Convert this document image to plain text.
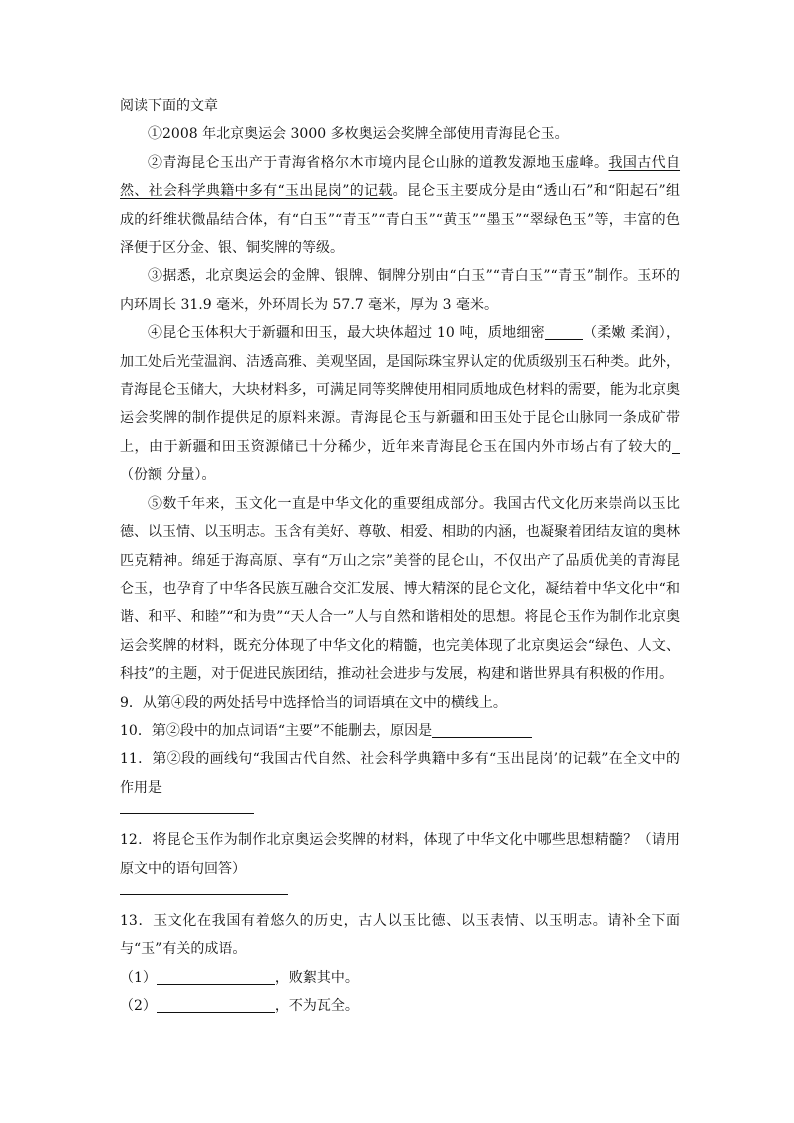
阅读下面的文章

①2008 年北京奥运会 3000 多枚奥运会奖牌全部使用青海昆仑玉。

②青海昆仑玉出产于青海省格尔木市境内昆仑山脉的道教发源地玉虚峰。我国古代自然、社会科学典籍中多有“玉出昆岗”的记载。昆仑玉主要成分是由“透山石”和“阳起石”组成的纤维状微晶结合体，有“白玉”“青玉”“青白玉”“黄玉”“墨玉”“翠绿色玉”等，丰富的色泽便于区分金、银、铜奖牌的等级。

③据悉，北京奥运会的金牌、银牌、铜牌分别由“白玉”“青白玉”“青玉”制作。玉环的内环周长 31.9 毫米，外环周长为 57.7 毫米，厚为 3 毫米。

④昆仑玉体积大于新疆和田玉，最大块体超过 10 吨，质地细密	（柔嫩 柔润），加工处后光莹温润、洁透高雅、美观坚固，是国际珠宝界认定的优质级别玉石种类。此外，青海昆仑玉储大，大块材料多，可满足同等奖牌使用相同质地成色材料的需要，能为北京奥运会奖牌的制作提供足的原料来源。青海昆仑玉与新疆和田玉处于昆仑山脉同一条成矿带上，由于新疆和田玉资源储已十分稀少，近年来青海昆仑玉在国内外市场占有了较大的（份额 分量）。

⑤数千年来，玉文化一直是中华文化的重要组成部分。我国古代文化历来崇尚以玉比德、以玉情、以玉明志。玉含有美好、尊敬、相爱、相助的内涵，也凝聚着团结友谊的奥林匹克精神。绵延于海高原、享有“万山之宗”美誉的昆仑山，不仅出产了品质优美的青海昆仑玉，也孕育了中华各民族互融合交汇发展、博大精深的昆仑文化，凝结着中华文化中“和谐、和平、和睦”“和为贵”“天人合一”人与自然和谐相处的思想。将昆仑玉作为制作北京奥运会奖牌的材料，既充分体现了中华文化的精髓，也完美体现了北京奥运会“绿色、人文、科技”的主题，对于促进民族团结，推动社会进步与发展，构建和谐世界具有积极的作用。

9．从第④段的两处括号中选择恰当的词语填在文中的横线上。

10．第②段中的加点词语“主要”不能删去，原因是

11．第②段的画线句“我国古代自然、社会科学典籍中多有“玉出昆岗’的记载”在全文中的作用是

12．将昆仑玉作为制作北京奥运会奖牌的材料，体现了中华文化中哪些思想精髓？（请用原文中的语句回答）

13．玉文化在我国有着悠久的历史，古人以玉比德、以玉表情、以玉明志。请补全下面与“玉”有关的成语。

（1）	，败絮其中。

（2）	，不为瓦全。
